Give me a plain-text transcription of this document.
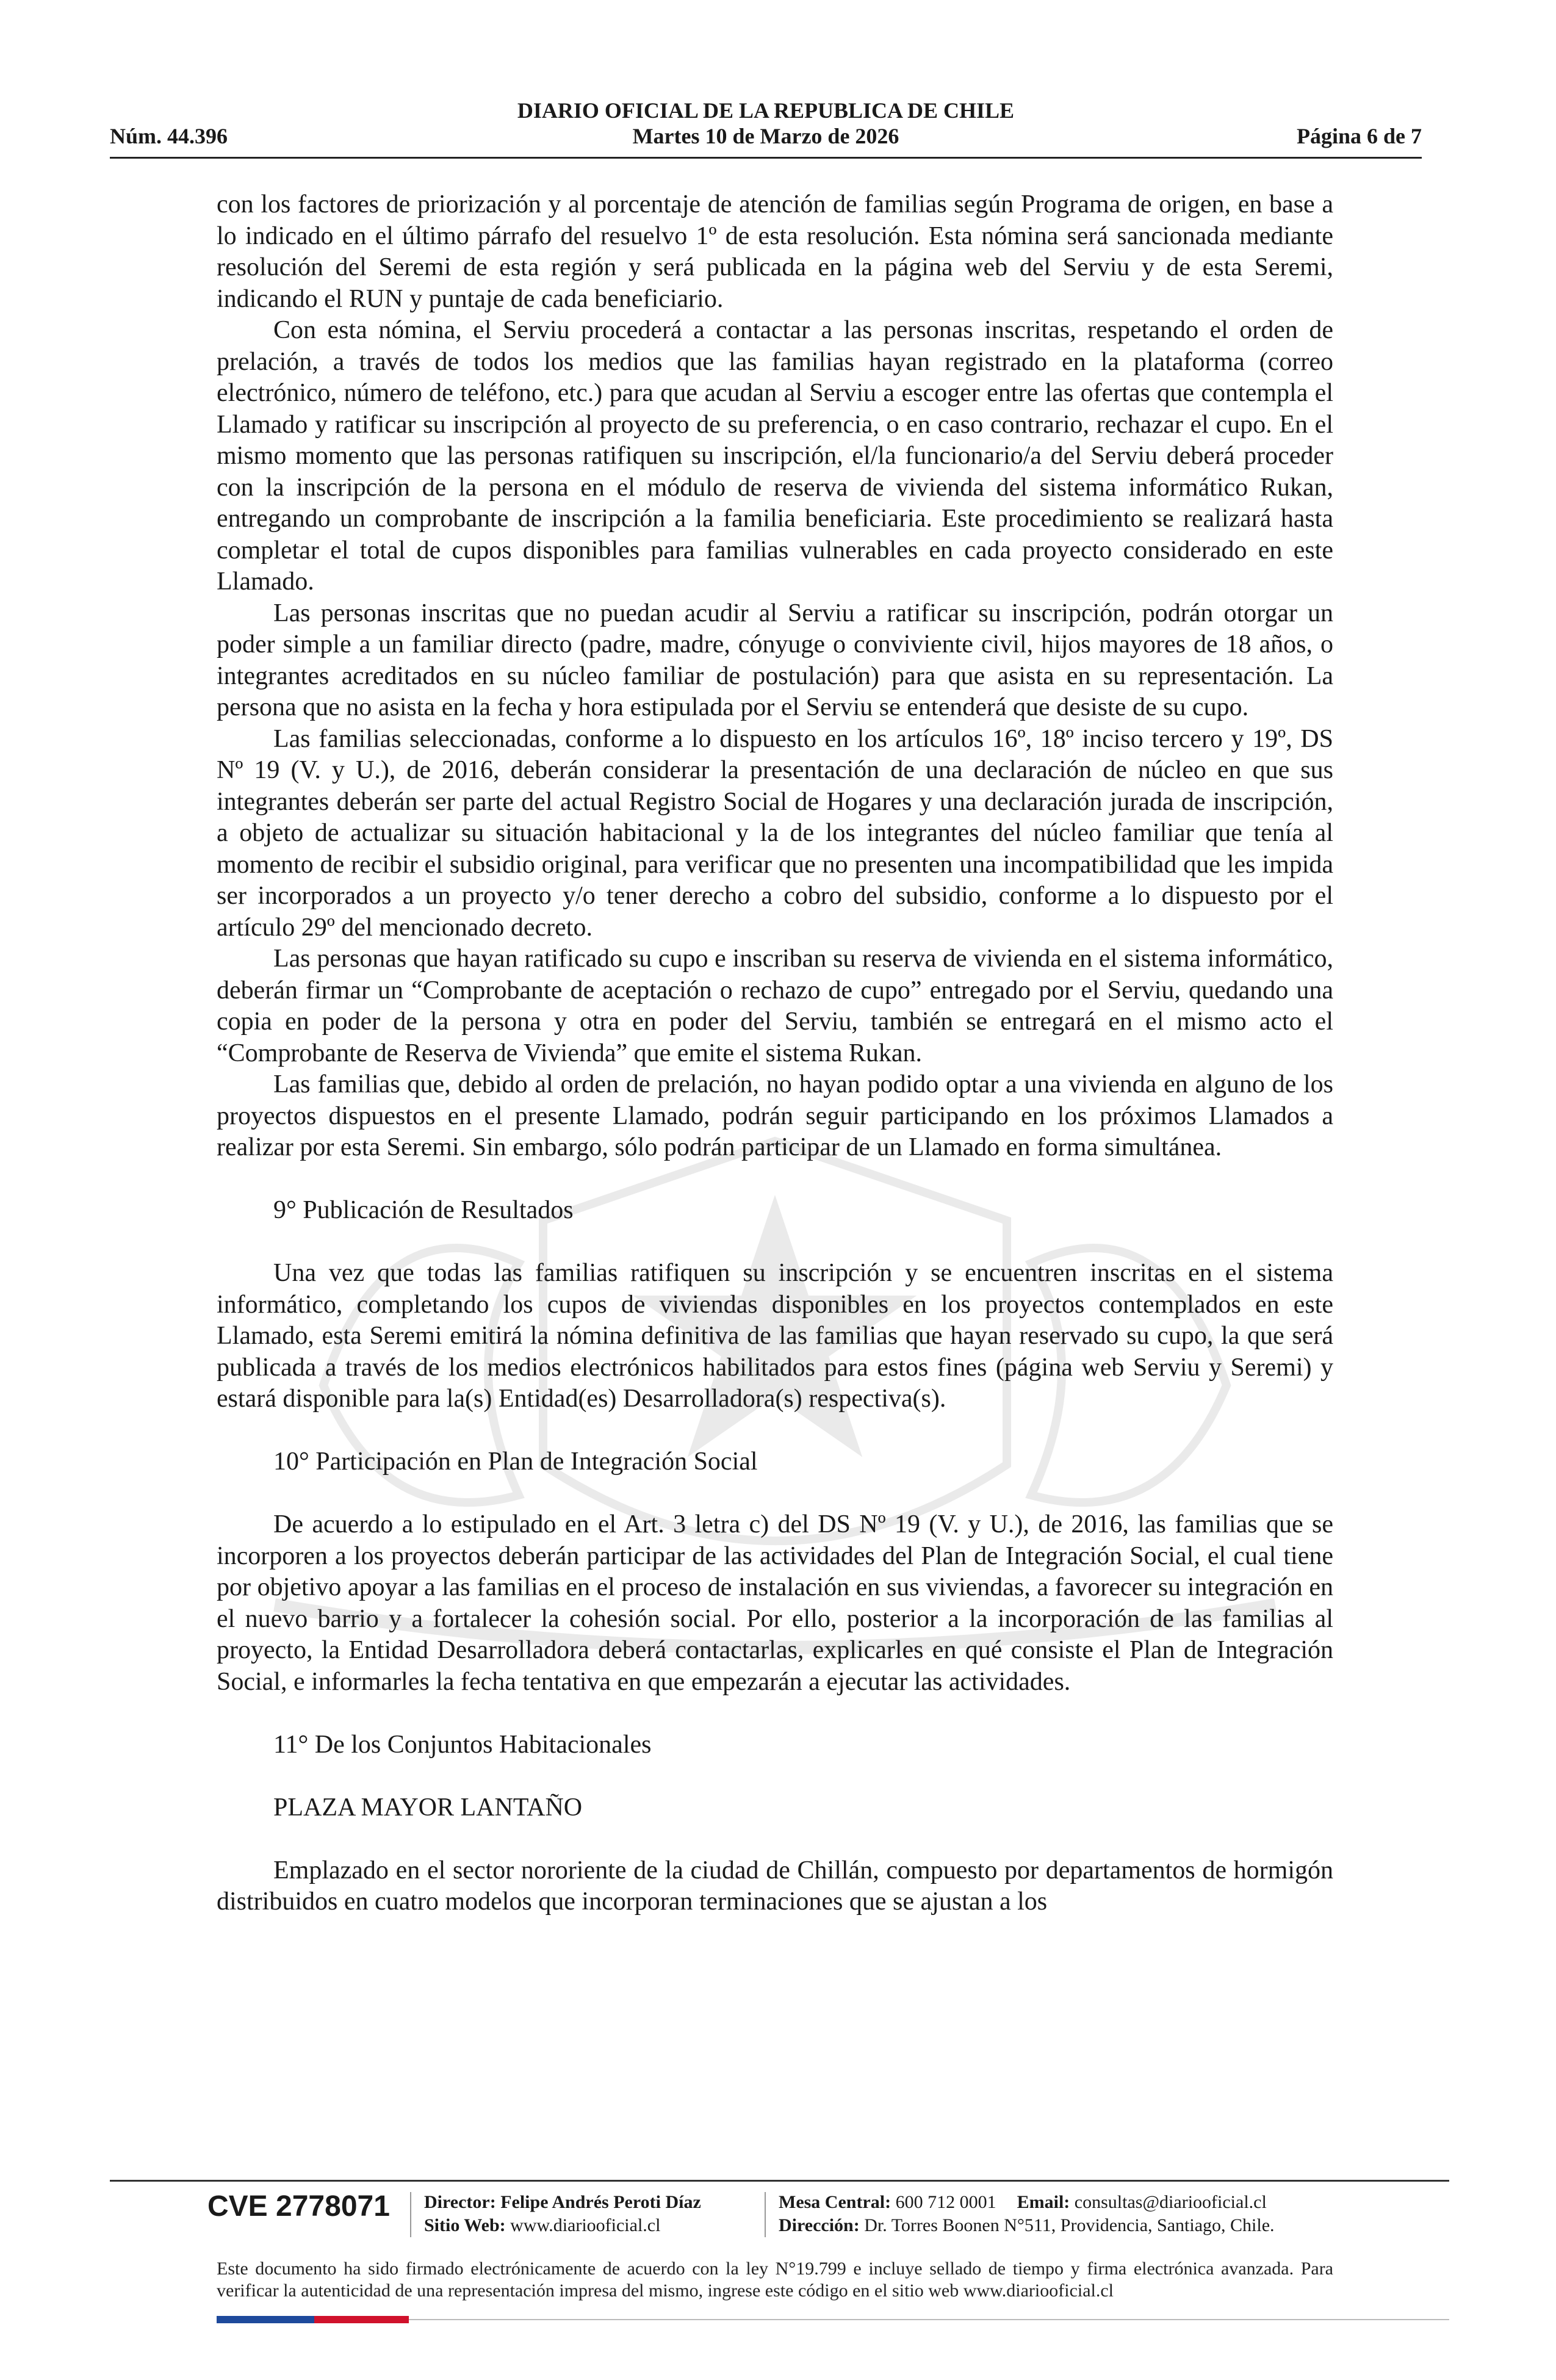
DIARIO OFICIAL DE LA REPUBLICA DE CHILE
Núm. 44.396	Martes 10 de Marzo de 2026	Página 6 de 7

con los factores de priorización y al porcentaje de atención de familias según Programa de origen, en base a lo indicado en el último párrafo del resuelvo 1º de esta resolución. Esta nómina será sancionada mediante resolución del Seremi de esta región y será publicada en la página web del Serviu y de esta Seremi, indicando el RUN y puntaje de cada beneficiario.

Con esta nómina, el Serviu procederá a contactar a las personas inscritas, respetando el orden de prelación, a través de todos los medios que las familias hayan registrado en la plataforma (correo electrónico, número de teléfono, etc.) para que acudan al Serviu a escoger entre las ofertas que contempla el Llamado y ratificar su inscripción al proyecto de su preferencia, o en caso contrario, rechazar el cupo. En el mismo momento que las personas ratifiquen su inscripción, el/la funcionario/a del Serviu deberá proceder con la inscripción de la persona en el módulo de reserva de vivienda del sistema informático Rukan, entregando un comprobante de inscripción a la familia beneficiaria. Este procedimiento se realizará hasta completar el total de cupos disponibles para familias vulnerables en cada proyecto considerado en este Llamado.

Las personas inscritas que no puedan acudir al Serviu a ratificar su inscripción, podrán otorgar un poder simple a un familiar directo (padre, madre, cónyuge o conviviente civil, hijos mayores de 18 años, o integrantes acreditados en su núcleo familiar de postulación) para que asista en su representación. La persona que no asista en la fecha y hora estipulada por el Serviu se entenderá que desiste de su cupo.

Las familias seleccionadas, conforme a lo dispuesto en los artículos 16º, 18º inciso tercero y 19º, DS Nº 19 (V. y U.), de 2016, deberán considerar la presentación de una declaración de núcleo en que sus integrantes deberán ser parte del actual Registro Social de Hogares y una declaración jurada de inscripción, a objeto de actualizar su situación habitacional y la de los integrantes del núcleo familiar que tenía al momento de recibir el subsidio original, para verificar que no presenten una incompatibilidad que les impida ser incorporados a un proyecto y/o tener derecho a cobro del subsidio, conforme a lo dispuesto por el artículo 29º del mencionado decreto.

Las personas que hayan ratificado su cupo e inscriban su reserva de vivienda en el sistema informático, deberán firmar un “Comprobante de aceptación o rechazo de cupo” entregado por el Serviu, quedando una copia en poder de la persona y otra en poder del Serviu, también se entregará en el mismo acto el “Comprobante de Reserva de Vivienda” que emite el sistema Rukan.

Las familias que, debido al orden de prelación, no hayan podido optar a una vivienda en alguno de los proyectos dispuestos en el presente Llamado, podrán seguir participando en los próximos Llamados a realizar por esta Seremi. Sin embargo, sólo podrán participar de un Llamado en forma simultánea.

9° Publicación de Resultados

Una vez que todas las familias ratifiquen su inscripción y se encuentren inscritas en el sistema informático, completando los cupos de viviendas disponibles en los proyectos contemplados en este Llamado, esta Seremi emitirá la nómina definitiva de las familias que hayan reservado su cupo, la que será publicada a través de los medios electrónicos habilitados para estos fines (página web Serviu y Seremi) y estará disponible para la(s) Entidad(es) Desarrolladora(s) respectiva(s).

10° Participación en Plan de Integración Social

De acuerdo a lo estipulado en el Art. 3 letra c) del DS Nº 19 (V. y U.), de 2016, las familias que se incorporen a los proyectos deberán participar de las actividades del Plan de Integración Social, el cual tiene por objetivo apoyar a las familias en el proceso de instalación en sus viviendas, a favorecer su integración en el nuevo barrio y a fortalecer la cohesión social. Por ello, posterior a la incorporación de las familias al proyecto, la Entidad Desarrolladora deberá contactarlas, explicarles en qué consiste el Plan de Integración Social, e informarles la fecha tentativa en que empezarán a ejecutar las actividades.

11° De los Conjuntos Habitacionales

PLAZA MAYOR LANTAÑO

Emplazado en el sector nororiente de la ciudad de Chillán, compuesto por departamentos de hormigón distribuidos en cuatro modelos que incorporan terminaciones que se ajustan a los

CVE 2778071 Director: Felipe Andrés Peroti Díaz
Sitio Web: www.diariooficial.cl
Mesa Central: 600 712 0001 Email: consultas@diariooficial.cl
Dirección: Dr. Torres Boonen N°511, Providencia, Santiago, Chile.
Este documento ha sido firmado electrónicamente de acuerdo con la ley N°19.799 e incluye sellado de tiempo y firma electrónica avanzada. Para verificar la autenticidad de una representación impresa del mismo, ingrese este código en el sitio web www.diariooficial.cl
